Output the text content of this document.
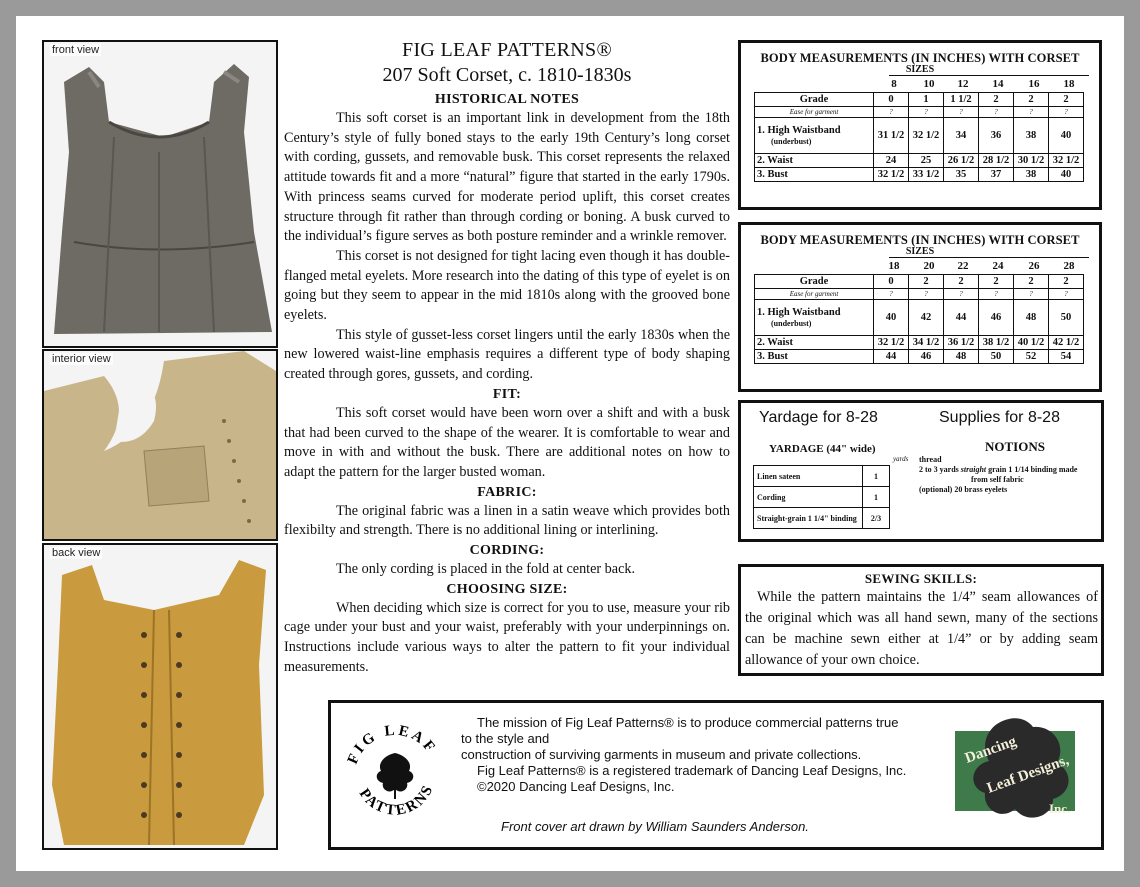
front view
interior view
back view
FIG LEAF PATTERNS®
207 Soft Corset, c. 1810-1830s
HISTORICAL NOTES

This soft corset is an important link in development from the 18th Century’s style of fully boned stays to the early 19th Century’s long corset with cording, gussets, and removable busk. This corset represents the relaxed attitude towards fit and a more “natural” figure that started in the early 1790s. With princess seams curved for moderate period uplift, this corset creates structure through fit rather than through cording or boning. A busk curved to the individual’s figure serves as both posture reminder and a wrinkle remover.

This corset is not designed for tight lacing even though it has double-flanged metal eyelets. More research into the dating of this type of eyelet is on going but they seem to appear in the mid 1810s along with the grooved bone eyelets.

This style of gusset-less corset lingers until the early 1830s when the new lowered waist-line emphasis requires a different type of body shaping created through gores, gussets, and cording.

FIT:

This soft corset would have been worn over a shift and with a busk that had been curved to the shape of the wearer. It is comfortable to wear and move in with and without the busk. There are additional notes on how to adapt the pattern for the larger busted woman.

FABRIC:

The original fabric was a linen in a satin weave which provides both flexibilty and strength. There is no additional lining or interlining.

CORDING:

The only cording is placed in the fold at center back.

CHOOSING SIZE:

When deciding which size is correct for you to use, measure your rib cage under your bust and your waist, preferably with your underpinnings on. Instructions include various ways to alter the pattern to fit your individual measurements.

BODY MEASUREMENTS (IN INCHES) WITH CORSET
SIZES
8	10	12	14	16	18
Grade	0	1	1 1/2	2	2	2
Ease for garment	?	?	?	?	?	?
1. High Waistband
(underbust)	31 1/2	32 1/2	34	36	38	40
2. Waist	24	25	26 1/2	28 1/2	30 1/2	32 1/2
3. Bust	32 1/2	33 1/2	35	37	38	40
BODY MEASUREMENTS (IN INCHES) WITH CORSET
SIZES
18	20	22	24	26	28
Grade	0	2	2	2	2	2
Ease for garment	?	?	?	?	?	?
1. High Waistband
(underbust)	40	42	44	46	48	50
2. Waist	32 1/2	34 1/2	36 1/2	38 1/2	40 1/2	42 1/2
3. Bust	44	46	48	50	52	54
Yardage for 8-28	Supplies for 8-28
YARDAGE (44" wide)
yards
Linen sateen	1
Cording	1
Straight-grain 1 1/4" binding	2/3
NOTIONS
thread
2 to 3 yards straight grain 1 1/14 binding made
from self fabric
(optional) 20 brass eyelets
SEWING SKILLS:

While the pattern maintains the 1/4” seam allowances of the original which was all hand sewn, many of the sections can be machine sewn either at 1/4” or by adding seam allowance of your own choice.

FIG LEAF
PATTERNS
The mission of Fig Leaf Patterns® is to produce commercial patterns true
to the style and
construction of surviving garments in museum and private collections.
Fig Leaf Patterns® is a registered trademark of Dancing Leaf Designs, Inc.
©2020 Dancing Leaf Designs, Inc.
Front cover art drawn by William Saunders Anderson.
Dancing
Leaf Designs,
Inc.
